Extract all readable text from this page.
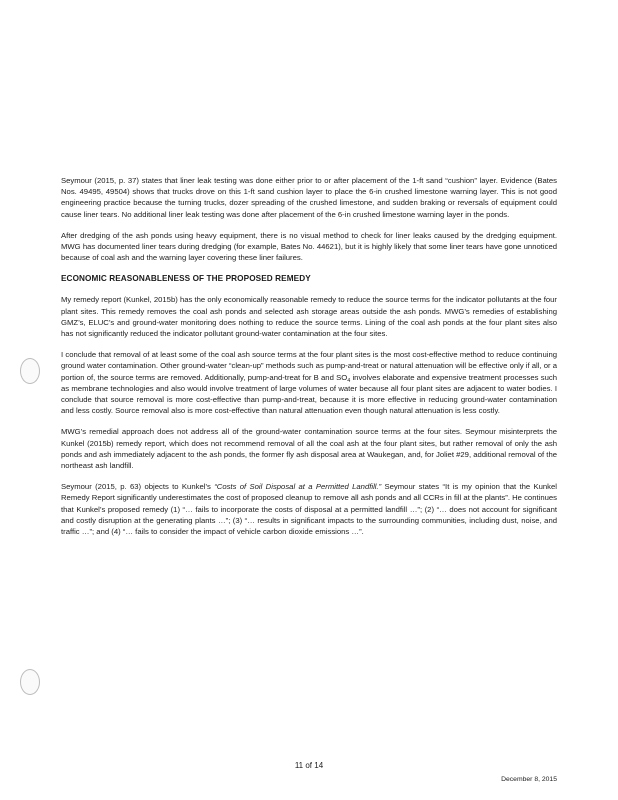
Seymour (2015, p. 37) states that liner leak testing was done either prior to or after placement of the 1-ft sand “cushion” layer. Evidence (Bates Nos. 49495, 49504) shows that trucks drove on this 1-ft sand cushion layer to place the 6-in crushed limestone warning layer. This is not good engineering practice because the turning trucks, dozer spreading of the crushed limestone, and sudden braking or reversals of equipment could cause liner tears. No additional liner leak testing was done after placement of the 6-in crushed limestone warning layer in the ponds.

After dredging of the ash ponds using heavy equipment, there is no visual method to check for liner leaks caused by the dredging equipment. MWG has documented liner tears during dredging (for example, Bates No. 44621), but it is highly likely that some liner tears have gone unnoticed because of coal ash and the warning layer covering these liner failures.

ECONOMIC REASONABLENESS OF THE PROPOSED REMEDY

My remedy report (Kunkel, 2015b) has the only economically reasonable remedy to reduce the source terms for the indicator pollutants at the four plant sites. This remedy removes the coal ash ponds and selected ash storage areas outside the ash ponds. MWG’s remedies of establishing GMZ’s, ELUC’s and ground-water monitoring does nothing to reduce the source terms. Lining of the coal ash ponds at the four plant sites also has not significantly reduced the indicator pollutant ground-water contamination at the four sites.

I conclude that removal of at least some of the coal ash source terms at the four plant sites is the most cost-effective method to reduce continuing ground water contamination. Other ground-water “clean-up” methods such as pump-and-treat or natural attenuation will be effective only if all, or a portion of, the source terms are removed. Additionally, pump-and-treat for B and $SO_4$ involves elaborate and expensive treatment processes such as membrane technologies and also would involve treatment of large volumes of water because all four plant sites are adjacent to water bodies. I conclude that source removal is more cost-effective than pump-and-treat, because it is more effective in reducing ground-water contamination and less costly. Source removal also is more cost-effective than natural attenuation even though natural attenuation is less costly.

MWG’s remedial approach does not address all of the ground-water contamination source terms at the four sites. Seymour misinterprets the Kunkel (2015b) remedy report, which does not recommend removal of all the coal ash at the four plant sites, but rather removal of only the ash ponds and ash immediately adjacent to the ash ponds, the former fly ash disposal area at Waukegan, and, for Joliet #29, additional removal of the northeast ash landfill.

Seymour (2015, p. 63) objects to Kunkel’s “Costs of Soil Disposal at a Permitted Landfill.” Seymour states “It is my opinion that the Kunkel Remedy Report significantly underestimates the cost of proposed cleanup to remove all ash ponds and all CCRs in fill at the plants”. He continues that Kunkel’s proposed remedy (1) “… fails to incorporate the costs of disposal at a permitted landfill …”; (2) “… does not account for significant and costly disruption at the generating plants …”; (3) “… results in significant impacts to the surrounding communities, including dust, noise, and traffic …”; and (4) “… fails to consider the impact of vehicle carbon dioxide emissions …”.

11 of 14
December 8, 2015
